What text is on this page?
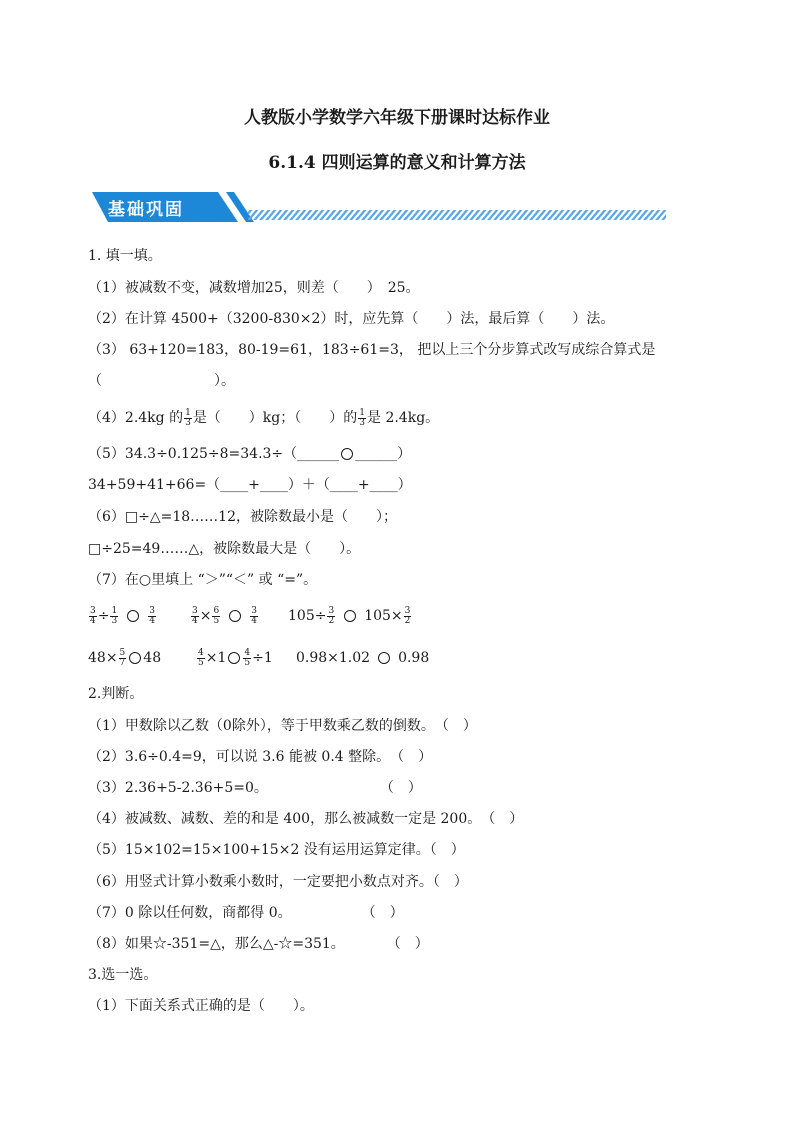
人教版小学数学六年级下册课时达标作业
6.1.4 四则运算的意义和计算方法
基础巩固
1. 填一填。
（1）被减数不变，减数增加25，则差（　　）　25。
（2）在计算 4500+（3200-830×2）时，应先算（　　）法，最后算（　　）法。
（3） 63+120=183，80-19=61，183÷61=3， 把以上三个分步算式改写成综合算式是
（　　　　　　　　）。
（4）2.4kg 的 $\frac{1}{3}$ 是（　　）kg；（　　）的 $\frac{1}{3}$ 是 2.4kg。
（5）34.3÷0.125÷8=34.3÷（______ ______）
34+59+41+66=（____+____）＋（____+____）
（6）□÷△=18……12，被除数最小是（　　）；
□÷25=49……△，被除数最大是（　　）。
（7）在○里填上 “＞”“＜” 或 “=”。
$\frac{3}{4} \div \frac{1}{3}$	$\frac{3}{4}$	$\frac{3}{4} \times \frac{6}{5}$	$\frac{3}{4} 105\div \frac{3}{2} 105\times \frac{3}{2}$
$48\times \frac{5}{7} 48$	$\frac{4}{5} \times 1 \frac{4}{5} \div 1$ 0.98×1.02 0.98
2.判断。
（1）甲数除以乙数（0除外），等于甲数乘乙数的倒数。　（　）
（2）3.6÷0.4=9，可以说 3.6 能被 0.4 整除。　（　）
（3）2.36+5-2.36+5=0。　　　　　　　　　（　）
（4）被减数、减数、差的和是 400，那么被减数一定是 200。　（　）
（5）15×102=15×100+15×2 没有运用运算定律。（　）
（6）用竖式计算小数乘小数时，一定要把小数点对齐。（　）
（7）0 除以任何数，商都得 0。　　　　　　（　）
（8）如果☆-351=△，那么△-☆=351。　　　　（　）
3.选一选。
（1）下面关系式正确的是（　　）。
